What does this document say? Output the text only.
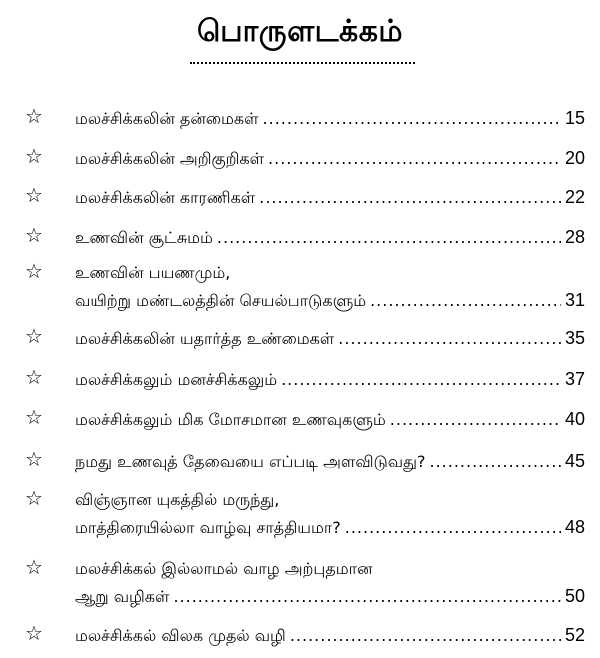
பொருளடக்கம்
☆ மலச்சிக்கலின் தன்மைகள் .....	15
☆ மலச்சிக்கலின் அறிகுறிகள் .....	20
☆ மலச்சிக்கலின் காரணிகள் .....	22
☆ உணவின் சூட்சுமம் .....	28
☆ உணவின் பயணமும்,
வயிற்று மண்டலத்தின் செயல்பாடுகளும் .....	31
☆ மலச்சிக்கலின் யதார்த்த உண்மைகள் .....	35
☆ மலச்சிக்கலும் மனச்சிக்கலும் .....	37
☆ மலச்சிக்கலும் மிக மோசமான உணவுகளும் .....	40
☆ நமது உணவுத் தேவையை எப்படி அளவிடுவது? .....	45
☆ விஞ்ஞான யுகத்தில் மருந்து,
மாத்திரையில்லா வாழ்வு சாத்தியமா? .....	48
☆ மலச்சிக்கல் இல்லாமல் வாழ அற்புதமான
ஆறு வழிகள் .....	50
☆ மலச்சிக்கல் விலக முதல் வழி .....	52
